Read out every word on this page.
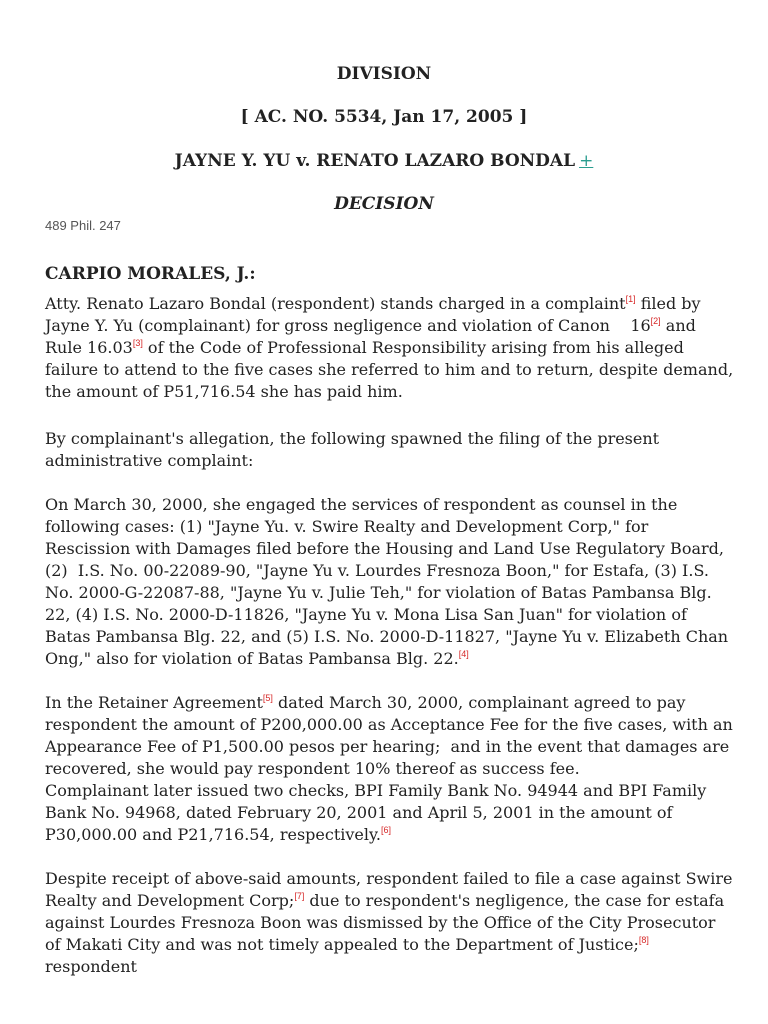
DIVISION
[ AC. NO. 5534, Jan 17, 2005 ]
JAYNE Y. YU v. RENATO LAZARO BONDAL +
DECISION
489 Phil. 247
CARPIO MORALES, J.:

Atty. Renato Lazaro Bondal (respondent) stands charged in a complaint[1] filed by Jayne Y. Yu (complainant) for gross negligence and violation of Canon    16[2] and Rule 16.03[3] of the Code of Professional Responsibility arising from his alleged failure to attend to the five cases she referred to him and to return, despite demand, the amount of P51,716.54 she has paid him.

By complainant's allegation, the following spawned the filing of the present administrative complaint:

On March 30, 2000, she engaged the services of respondent as counsel in the following cases: (1) "Jayne Yu. v. Swire Realty and Development Corp," for Rescission with Damages filed before the Housing and Land Use Regulatory Board, (2)  I.S. No. 00-22089-90, "Jayne Yu v. Lourdes Fresnoza Boon," for Estafa, (3) I.S. No. 2000-G-22087-88, "Jayne Yu v. Julie Teh," for violation of Batas Pambansa Blg. 22, (4) I.S. No. 2000-D-11826, "Jayne Yu v. Mona Lisa San Juan" for violation of  Batas Pambansa Blg. 22, and (5) I.S. No. 2000-D-11827, "Jayne Yu v. Elizabeth Chan Ong," also for violation of Batas Pambansa Blg. 22.[4]

In the Retainer Agreement[5] dated March 30, 2000, complainant agreed to pay respondent the amount of P200,000.00 as Acceptance Fee for the five cases, with an Appearance Fee of P1,500.00 pesos per hearing;  and in the event that damages are recovered, she would pay respondent 10% thereof as success fee.
Complainant later issued two checks, BPI Family Bank No. 94944 and BPI Family Bank No. 94968, dated February 20, 2001 and April 5, 2001 in the amount of P30,000.00 and P21,716.54, respectively.[6]

Despite receipt of above-said amounts, respondent failed to file a case against Swire Realty and Development Corp;[7] due to respondent's negligence, the case for estafa against Lourdes Fresnoza Boon was dismissed by the Office of the City Prosecutor of Makati City and was not timely appealed to the Department of Justice;[8] respondent
